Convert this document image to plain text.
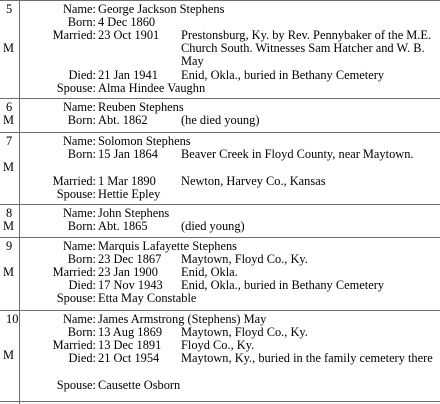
5
M
Name: George Jackson Stephens
Born: 4 Dec 1860
Married: 23 Oct 1901 Prestonsburg, Ky. by Rev. Pennybaker of the M.E. Church South. Witnesses Sam Hatcher and W. B. May
Died: 21 Jan 1941 Enid, Okla., buried in Bethany Cemetery
Spouse: Alma Hindee Vaughn
6
M
Name: Reuben Stephens
Born: Abt. 1862	(he died young)
7
M
Name: Solomon Stephens
Born: 15 Jan 1864 Beaver Creek in Floyd County, near Maytown.
Married: 1 Mar 1890 Newton, Harvey Co., Kansas
Spouse: Hettie Epley
8
M
Name: John Stephens
Born: Abt. 1865	(died young)
9
M
Name: Marquis Lafayette Stephens
Born: 23 Dec 1867 Maytown, Floyd Co., Ky.
Married: 23 Jan 1900 Enid, Okla.
Died: 17 Nov 1943 Enid, Okla., buried in Bethany Cemetery
Spouse: Etta May Constable
10
M
Name: James Armstrong (Stephens) May
Born: 13 Aug 1869 Maytown, Floyd Co., Ky.
Married: 13 Dec 1891 Floyd Co., Ky.
Died: 21 Oct 1954 Maytown, Ky., buried in the family cemetery there
Spouse: Causette Osborn
